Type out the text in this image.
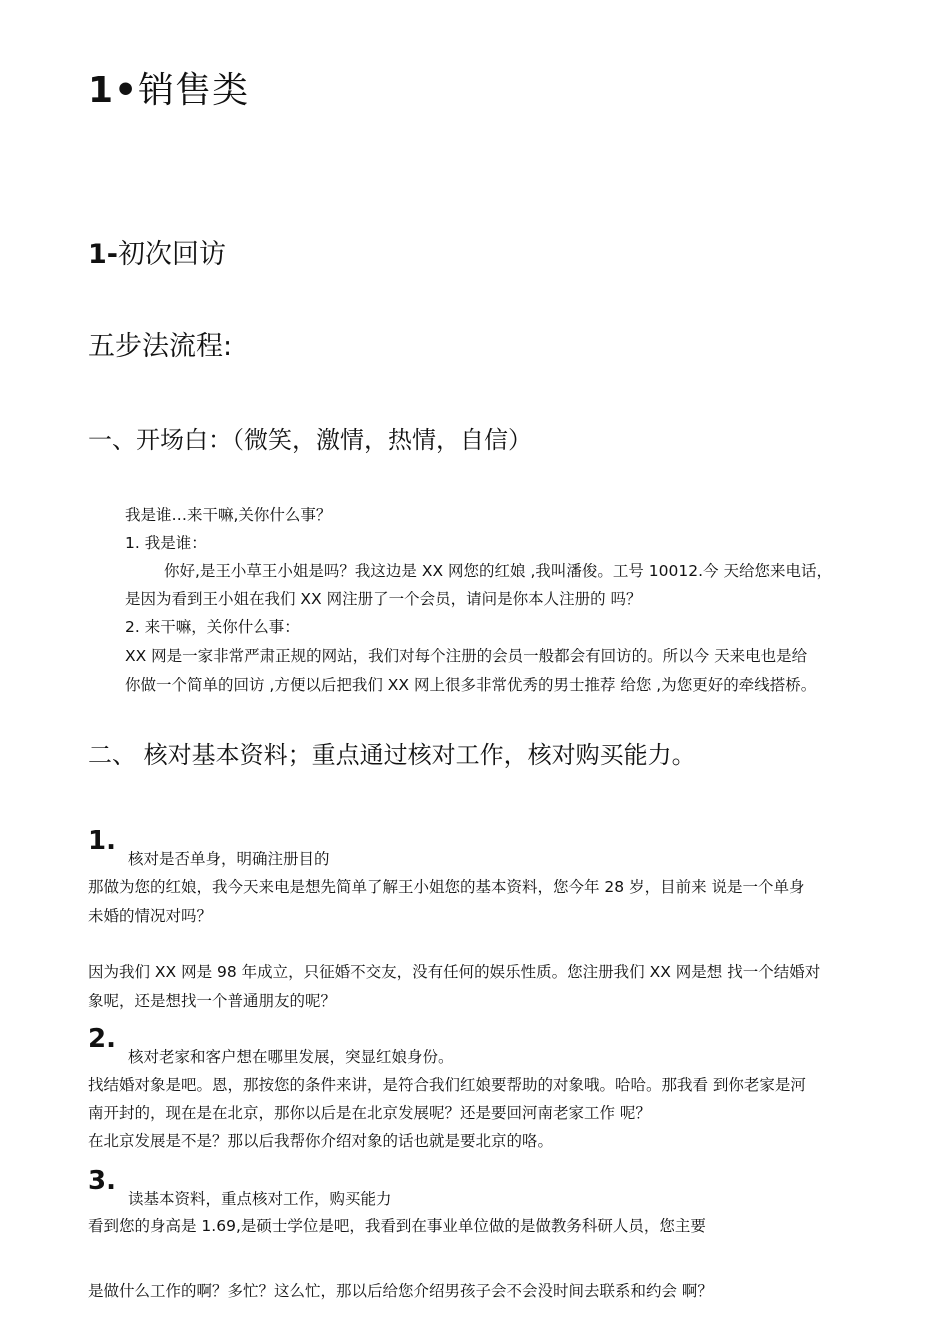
1•销售类
1-初次回访
五步法流程:
一、开场白：（微笑，激情，热情，自信）
我是谁…来干嘛,关你什么事？
1. 我是谁：
你好,是王小草王小姐是吗？我这边是 XX 网您的红娘 ,我叫潘俊。工号 10012.今 天给您来电话，
是因为看到王小姐在我们 XX 网注册了一个会员，请问是你本人注册的 吗？
2. 来干嘛，关你什么事：
XX 网是一家非常严肃正规的网站，我们对每个注册的会员一般都会有回访的。所以今 天来电也是给
你做一个简单的回访 ,方便以后把我们 XX 网上很多非常优秀的男士推荐 给您 ,为您更好的牵线搭桥。
二、 核对基本资料；重点通过核对工作，核对购买能力。
1.
核对是否单身，明确注册目的
那做为您的红娘，我今天来电是想先简单了解王小姐您的基本资料，您今年 28 岁，目前来 说是一个单身
未婚的情况对吗？
因为我们 XX 网是 98 年成立，只征婚不交友，没有任何的娱乐性质。您注册我们 XX 网是想 找一个结婚对
象呢，还是想找一个普通朋友的呢？
2.
核对老家和客户想在哪里发展，突显红娘身份。
找结婚对象是吧。恩，那按您的条件来讲，是符合我们红娘要帮助的对象哦。哈哈。那我看 到你老家是河
南开封的，现在是在北京，那你以后是在北京发展呢？还是要回河南老家工作 呢？
在北京发展是不是？那以后我帮你介绍对象的话也就是要北京的咯。
3.
读基本资料，重点核对工作，购买能力
看到您的身高是 1.69,是硕士学位是吧，我看到在事业单位做的是做教务科研人员，您主要
是做什么工作的啊？多忙？这么忙，那以后给您介绍男孩子会不会没时间去联系和约会 啊？
